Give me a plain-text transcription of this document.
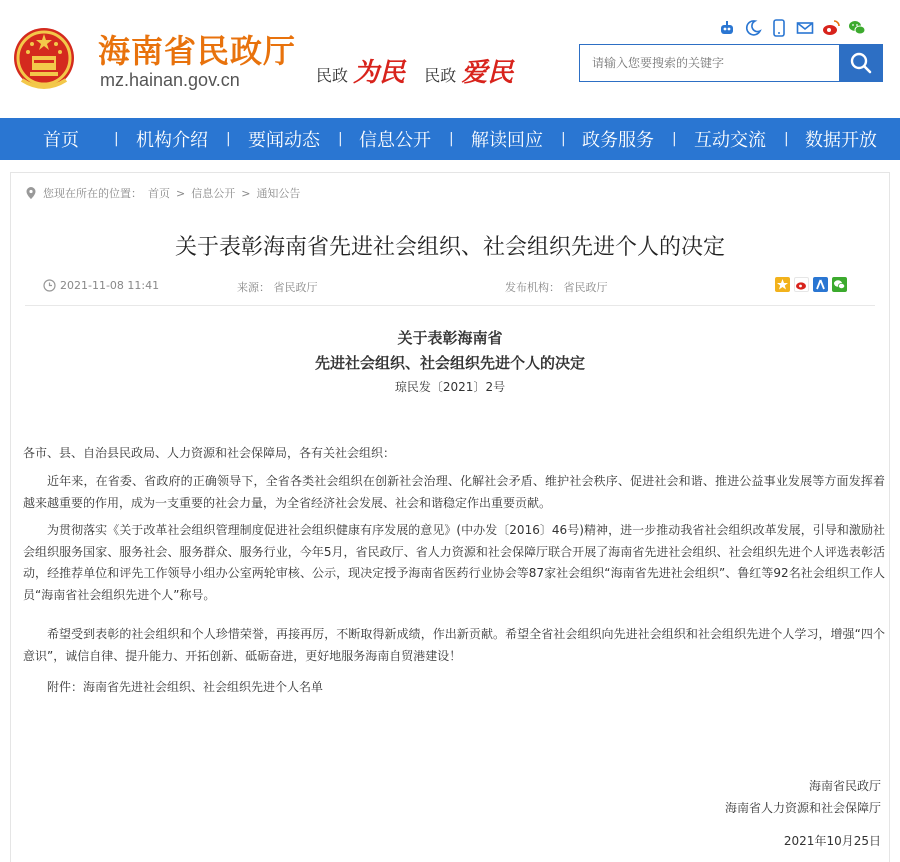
海南省民政厅
mz.hainan.gov.cn	民政 为民 民政 爱民
请输入您要搜索的关键字
首页	| 机构介绍 | 要闻动态 | 信息公开 | 解读回应 | 政务服务 | 互动交流 | 数据开放
您现在所在的位置： 首页 > 信息公开 > 通知公告
关于表彰海南省先进社会组织、社会组织先进个人的决定
2021-11-08 11:41	来源： 省民政厅	发布机构： 省民政厅
关于表彰海南省
先进社会组织、社会组织先进个人的决定
琼民发〔2021〕2号

各市、县、自治县民政局、人力资源和社会保障局，各有关社会组织：

近年来，在省委、省政府的正确领导下，全省各类社会组织在创新社会治理、化解社会矛盾、维护社会秩序、促进社会和谐、推进公益事业发展等方面发挥着越来越重要的作用，成为一支重要的社会力量，为全省经济社会发展、社会和谐稳定作出重要贡献。

为贯彻落实《关于改革社会组织管理制度促进社会组织健康有序发展的意见》(中办发〔2016〕46号)精神，进一步推动我省社会组织改革发展，引导和激励社会组织服务国家、服务社会、服务群众、服务行业，今年5月，省民政厅、省人力资源和社会保障厅联合开展了海南省先进社会组织、社会组织先进个人评选表彰活动，经推荐单位和评先工作领导小组办公室两轮审核、公示，现决定授予海南省医药行业协会等87家社会组织“海南省先进社会组织”、鲁红等92名社会组织工作人员“海南省社会组织先进个人”称号。

希望受到表彰的社会组织和个人珍惜荣誉，再接再厉，不断取得新成绩，作出新贡献。希望全省社会组织向先进社会组织和社会组织先进个人学习，增强“四个意识”，诚信自律、提升能力、开拓创新、砥砺奋进，更好地服务海南自贸港建设！

附件：海南省先进社会组织、社会组织先进个人名单

海南省民政厅
海南省人力资源和社会保障厅
2021年10月25日
